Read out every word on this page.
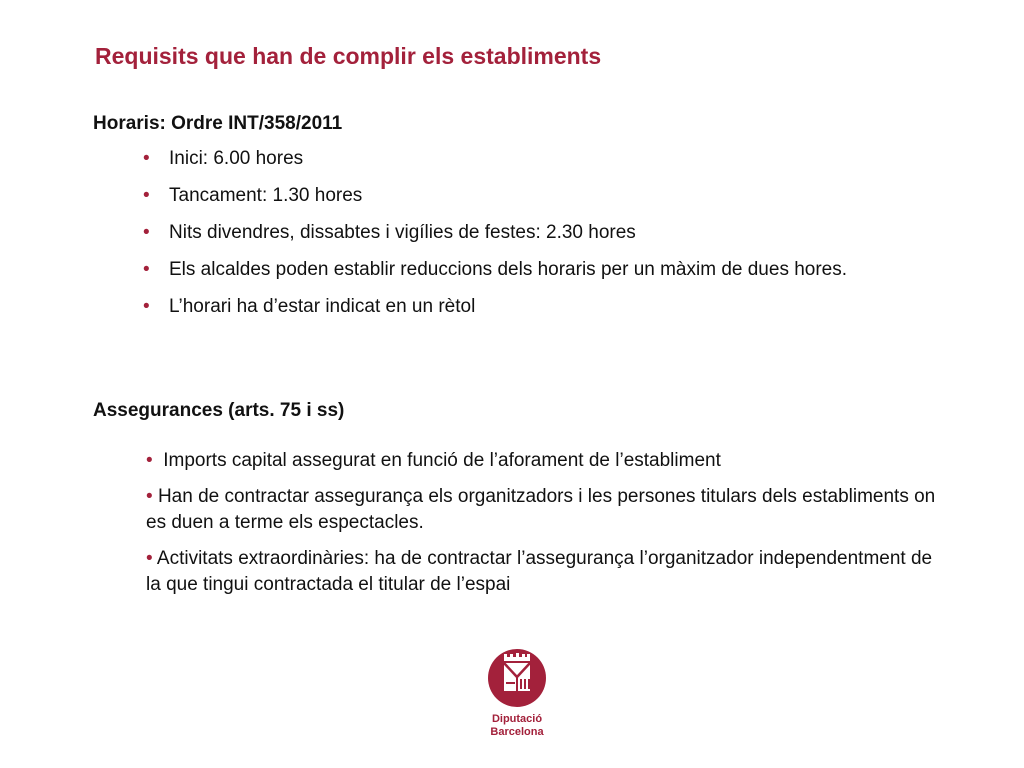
Requisits que han de complir els establiments
Horaris: Ordre INT/358/2011
• Inici: 6.00 hores
• Tancament: 1.30 hores
• Nits divendres, dissabtes i vigílies de festes: 2.30 hores
• Els alcaldes poden establir reduccions dels horaris per un màxim de dues hores.
• L’horari ha d’estar indicat en un rètol
Assegurances (arts. 75 i ss)
• Imports capital assegurat en funció de l’aforament de l’establiment
• Han de contractar assegurança els organitzadors i les persones titulars dels establiments on es duen a terme els espectacles.
• Activitats extraordinàries: ha de contractar l’assegurança l’organitzador independentment de la que tingui contractada el titular de l’espai
Diputació
Barcelona
